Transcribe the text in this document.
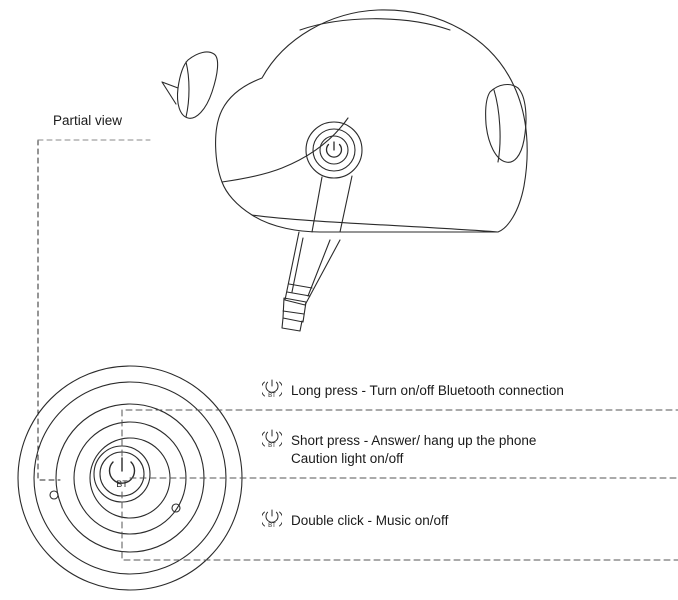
BT
Partial view
BT Long press - Turn on/off Bluetooth connection
BT Short press - Answer/ hang up the phone
Caution light on/off
BT Double click - Music on/off
